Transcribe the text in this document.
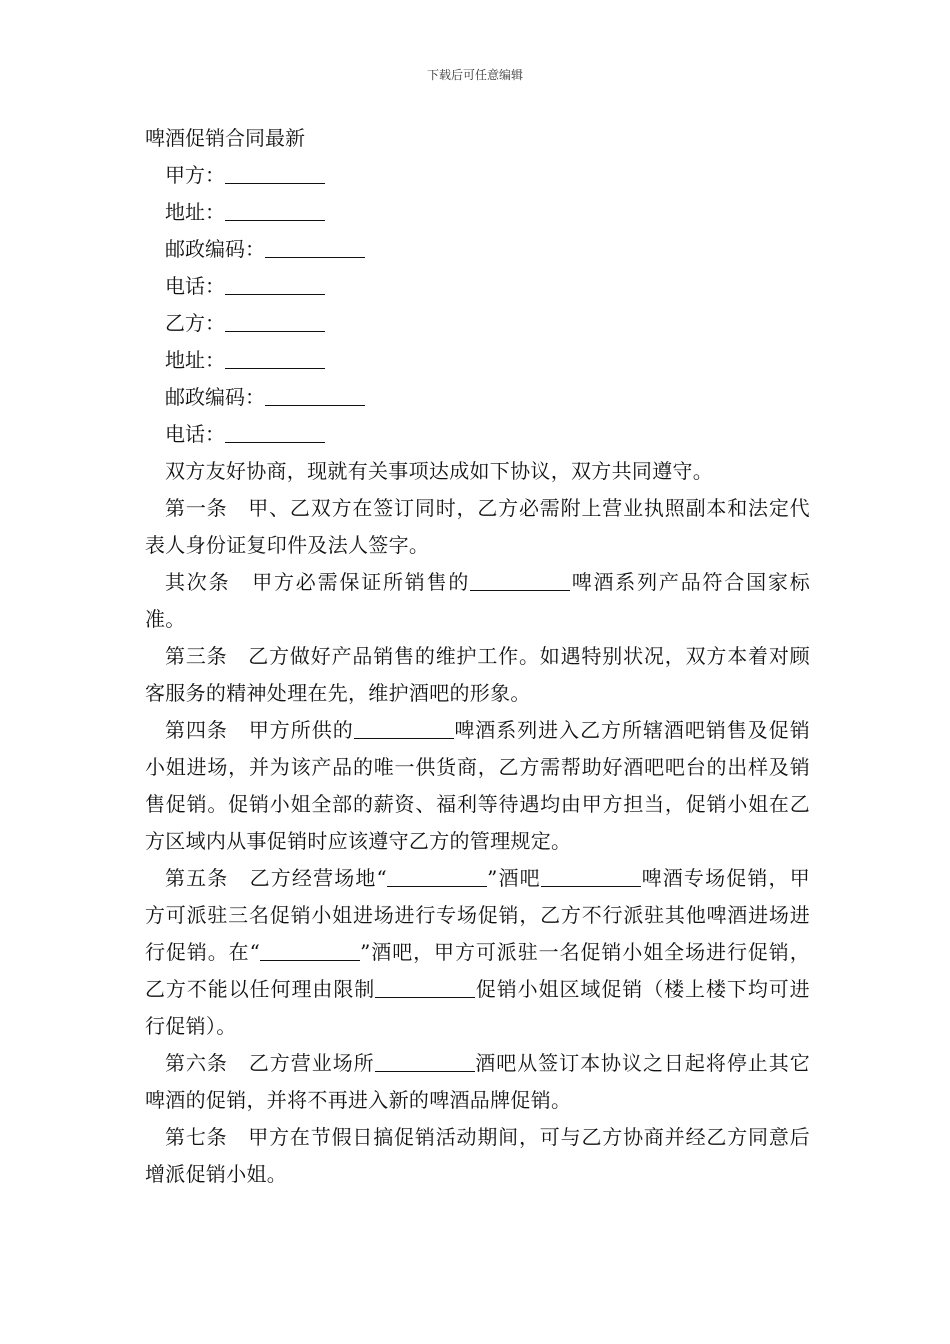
下载后可任意编辑
啤酒促销合同最新
甲方：
地址：
邮政编码：
电话：
乙方：
地址：
邮政编码：
电话：

双方友好协商，现就有关事项达成如下协议，双方共同遵守。

第一条　甲、乙双方在签订同时，乙方必需附上营业执照副本和法定代表人身份证复印件及法人签字。

其次条　甲方必需保证所销售的	啤酒系列产品符合国家标准。

第三条　乙方做好产品销售的维护工作。如遇特别状况，双方本着对顾客服务的精神处理在先，维护酒吧的形象。

第四条　甲方所供的	啤酒系列进入乙方所辖酒吧销售及促销小姐进场，并为该产品的唯一供货商，乙方需帮助好酒吧吧台的出样及销售促销。促销小姐全部的薪资、福利等待遇均由甲方担当，促销小姐在乙方区域内从事促销时应该遵守乙方的管理规定。

第五条　乙方经营场地“	”酒吧	啤酒专场促销，甲方可派驻三名促销小姐进场进行专场促销，乙方不行派驻其他啤酒进场进行促销。在“	”酒吧，甲方可派驻一名促销小姐全场进行促销，乙方不能以任何理由限制	促销小姐区域促销（楼上楼下均可进行促销）。

第六条　乙方营业场所	酒吧从签订本协议之日起将停止其它啤酒的促销，并将不再进入新的啤酒品牌促销。

第七条　甲方在节假日搞促销活动期间，可与乙方协商并经乙方同意后增派促销小姐。
